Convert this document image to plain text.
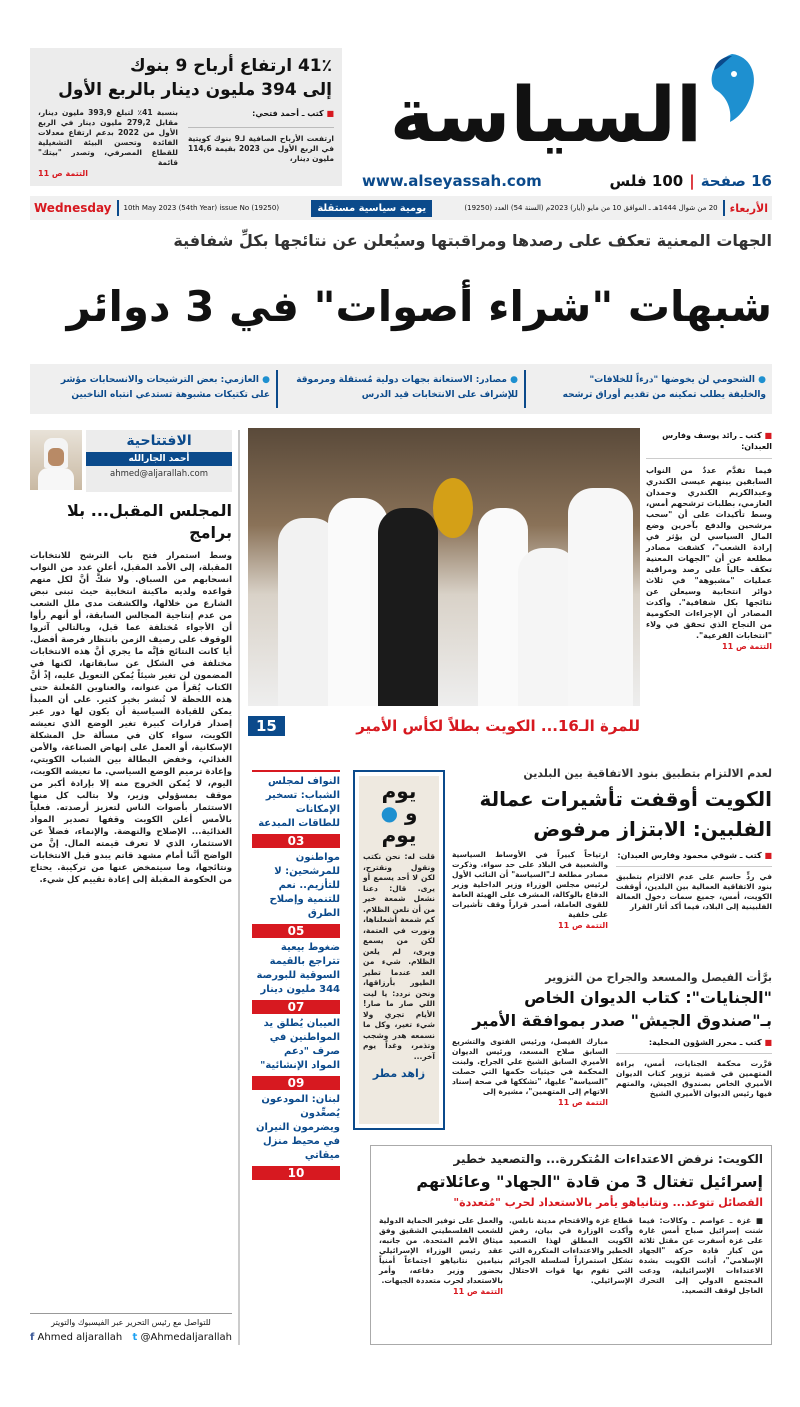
41٪ ارتفاع أرباح 9 بنوك
إلى 394 مليون دينار بالربع الأول
بنسبة 41٪ لتبلغ 393,9 مليون دينار، مقابل 279,2 مليون دينار في الربع الأول من 2022 بدعم ارتفاع معدلات الفائدة وتحسن البيئة التشغيلية للقطاع المصرفي، وتصدر "بيتك" قائمة
التتمة ص 11
■ كتب ـ أحمد فتحي:
ارتفعت الأرباح الصافية لـ9 بنوك كويتية في الربع الأول من 2023 بقيمة 114,6 مليون دينار، السياسة
www.alseyassah.com	16 صفحة
|
100 فلس
Wednesday 10th May 2023 (54th Year) issue No (19250)	يومية سياسية مستقلة	الأربعاء
20 من شوال 1444هـ ـ الموافق 10 من مايو (أيار) 2023م (السنة 54) العدد (19250)
الجهات المعنية تعكف على رصدها ومراقبتها وسيُعلن عن نتائجها بكلِّ شفافية
شبهات "شراء أصوات" في 3 دوائر
● الشحومي لن يخوضها "درءاً للخلافات"
والخليفة يطلب تمكينه من تقديم أوراق ترشحه
● مصادر: الاستعانة بجهات دولية مُستقلة ومرموقة
للإشراف على الانتخابات قيد الدرس
● العازمي: بعض الترشيحات والانسحابات مؤشر
على تكتيكات مشبوهة تستدعي انتباه الناخبين
الافتتاحية
أحمد الجارالله
ahmed@aljarallah.com
المجلس المقبل... بلا برامج
وسط استمرار فتح باب الترشح للانتخابات المقبلة، إلى الأمد المقبل، أعلن عدد من النواب انسحابهم من السباق. ولا شكَّ أنَّ لكل منهم قواعده ولديه ماكينة انتخابية حيث تبنى نبض الشارع من خلالها، والكشفت مدى ملل الشعب من عدم إنتاجية المجالس السابقة، أو أنهم رأوا أن الأجواء مُختلفة عما قبل، وبالتالي آثروا الوقوف على رصيف الزمن بانتظار فرصة أفضل. أيا كانت النتائج فإنَّه ما يجري أنَّ هذه الانتخابات مختلفة في الشكل عن سابقاتها، لكنها في المضمون لن تغير شيئاً يُمكن التعويل عليه، إذْ أنَّ الكتاب يُقرأ من عنوانه، والعناوين المُعلنة حتى هذه اللحظة لا تُبشر بخير كثير. على أن المبدأ يمكن للقيادة السياسية أن يكون لها دور عبر إصدار قرارات كبيرة تغير الوضع الذي تعيشه الكويت، سواء كان في مسألة حل المشكلة الإسكانية، أو العمل على إنهاض الصناعة، والأمن الغذائي، وخفض البطالة بين الشباب الكويتي، وإعادة ترميم الوضع السياسي. ما تعيشه الكويت، اليوم، لا يُمكن الخروج منه إلا بإرادة أكبر من موقف بمسؤولي وزير، ولا بتالب كل منها الاستثمار بأصوات الناس لتعزيز أرصدته. فعلياً بالأمس أعلن الكويت وقفها تصدير المواد الغذائية... الإصلاح والنهضة. والإنماء، فضلاً عن الاستثمار، الذي لا تعرف قيمته المال. إنَّ من الواضح أنَّنا أمام مشهد قاتم يبدو قبل الانتخابات ونتائجها، وما سيتمخض عنها من تركيبة. يحتاج من الحكومة المقبلة إلى إعادة تقييم كل شيء.
للتواصل مع رئيس التحرير عبر الفيسبوك والتويتر
f Ahmed aljarallah t @Ahmedaljarallah
15	للمرة الـ16... الكويت بطلاً لكأس الأمير
■ كتب ـ رائد يوسف وفارس العبدان:
فيما تقدَّم عددٌ من النواب السابقين بينهم عيسى الكندري وعبدالكريم الكندري وحمدان العازمي، بطلبات ترشحهم أمس، وسط تأكيدات على أن "سحب مرشحين والدفع بآخرين وضع المال السياسي لن يؤثر في إرادة الشعب"، كشفت مصادر مطلعة عن أن "الجهات المعنية تعكف حالياً على رصد ومراقبة عمليات "مشبوهة" في ثلاث دوائر انتخابية وسيعلن عن نتائجها بكل شفافية". وأكدت المصادر أن الإجراءات الحكومية من النجاح الذي تحقق في ولاء "انتخابات القرعية".
التتمة ص 11
النواف لمجلس الشباب: تسخير الإمكانات للطاقات المبدعة
03
مواطنون للمرشحين: لا للتأزيم.. نعم للتنمية وإصلاح الطرق
05
ضغوط بيعية تتراجع بالقيمة السوقية للبورصة 344 مليون دينار
07
العيبان يُطلق يد المواطنين في صرف "دعم المواد الإنشائية"
09
لبنان: المودعون يُصعِّدون ويضرمون النيران في محيط منزل ميقاتي
10
يوم
● و
يوم
قلت له: نحن نكتب ونقول ونقترح، لكن لا أحد يسمع أو يرى. قال: دعنا نشعل شمعة خير من أن نلعن الظلام. كم شمعة أشعلناها، ونورت في العتمة، لكن من يسمع ويرى، لم يلعن الظلام. شيء من الغد عندما تطير الطيور بأرزاقها، ونحن نردد: يا ليت اللي صار ما صار! الأيام تجري ولا شيء تغير، وكل ما نسمعه هدر وشجب وتذمر، وغداً يوم آخر...
زاهد مطر
لعدم الالتزام بتطبيق بنود الاتفاقية بين البلدين
الكويت أوقفت تأشيرات عمالة
الفلبين: الابتزاز مرفوض
ارتياحاً كبيراً في الأوساط السياسية والشعبية في البلاد على حد سواء. وذكرت مصادر مطلعة لـ"السياسة" أن النائب الأول لرئيس مجلس الوزراء وزير الداخلية وزير الدفاع بالوكالة، المشرف على الهيئة العامة للقوى العاملة، أصدر قراراً وقف تأشيرات على خلفية
التتمة ص 11
■ كتب ـ شوقي محمود وفارس العبدان:
في ردٍّ حاسم على عدم الالتزام بتطبيق بنود الاتفاقية العمالية بين البلدين، أوقفت الكويت، أمس، جميع سمات دخول العمالة الفلبينية إلى البلاد، فيما أكد أثار القرار
برَّأت الفيصل والمسعد والجراح من التزوير
"الجنايات": كتاب الديوان الخاص
بـ"صندوق الجيش" صدر بموافقة الأمير
مبارك الفيصل، ورئيس الفتوى والتشريع السابق صلاح المسعد، ورئيس الديوان الأميري السابق الشيخ علي الجراح. ولبنت المحكمة في حيثيات حكمها التي حصلت "السياسة" عليها، "تشككها في صحة إسناد الاتهام إلى المتهمين"، مشيرة إلى
التتمة ص 11
■ كتب ـ محرر الشؤون المحلية:
قرَّرت محكمة الجنايات، أمس، براءة المتهمين في قضية تزوير كتاب الديوان الأميري الخاص بصندوق الجيش، والمتهم فيها رئيس الديوان الأميري الشيخ
الكويت: نرفض الاعتداءات المُتكررة... والتصعيد خطير
إسرائيل تغتال 3 من قادة "الجهاد" وعائلاتهم
الفصائل تتوعد... ونتانياهو يأمر بالاستعداد لحرب "مُتعددة"
والعمل على توفير الحماية الدولية للشعب الفلسطيني الشقيق وفق ميثاق الأمم المتحدة. من جانبه، عقد رئيس الوزراء الإسرائيلي بنيامين نتانياهو اجتماعاً أمنياً بحضور وزير دفاعه، وأمر بالاستعداد لحرب متعددة الجبهات.
التتمة ص 11
قطاع غزة والاقتحام مدينة نابلس. وأكدت الوزارة في بيان، رفض الكويت المطلق لهذا التصعيد الخطير والاعتداءات المتكررة التي تشكل استمراراً لسلسلة الجرائم التي تقوم بها قوات الاحتلال الإسرائيلي.
■ غزة ـ عواصم ـ وكالات: فيما شنت إسرائيل صباح أمس غارة على غزة أسفرت عن مقتل ثلاثة من كبار قادة حركة "الجهاد الإسلامي"، أدانت الكويت بشدة الاعتداءات الإسرائيلية، ودعت المجتمع الدولي إلى التحرك العاجل لوقف التصعيد.
